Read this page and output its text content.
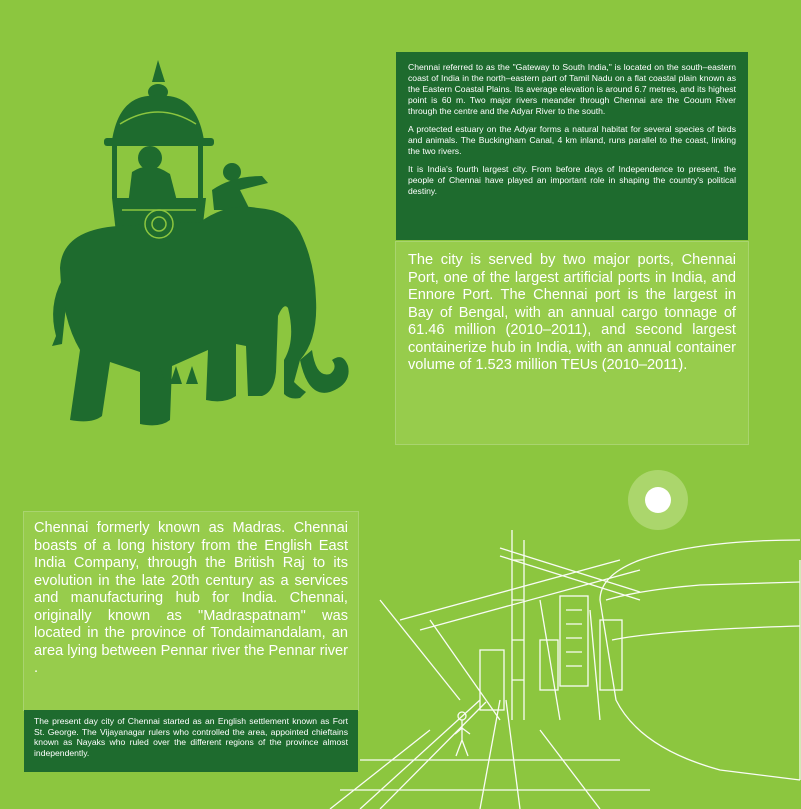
Chennai referred to as the "Gateway to South India," is located on the south–eastern coast of India in the north–eastern part of Tamil Nadu on a flat coastal plain known as the Eastern Coastal Plains. Its average elevation is around 6.7 metres, and its highest point is 60 m. Two major rivers meander through Chennai are the Cooum River through the centre and the Adyar River to the south.

A protected estuary on the Adyar forms a natural habitat for several species of birds and animals. The Buckingham Canal, 4 km inland, runs parallel to the coast, linking the two rivers.

It is India's fourth largest city. From before days of Independence to present, the people of Chennai have played an important role in shaping the country's political destiny.

The city is served by two major ports, Chennai Port, one of the largest artificial ports in India, and Ennore Port. The Chennai port is the largest in Bay of Bengal, with an annual cargo tonnage of 61.46 million (2010–2011), and second largest containerize hub in India, with an annual container volume of 1.523 million TEUs (2010–2011).

Chennai formerly known as Madras. Chennai boasts of a long history from the English East India Company, through the British Raj to its evolution in the late 20th century as a services and manufacturing hub for India. Chennai, originally known as "Madraspatnam" was located in the province of Tondaimandalam, an area lying between Pennar river the Pennar river .

The present day city of Chennai started as an English settlement known as Fort St. George. The Vijayanagar rulers who controlled the area, appointed chieftains known as Nayaks who ruled over the different regions of the province almost independently.
